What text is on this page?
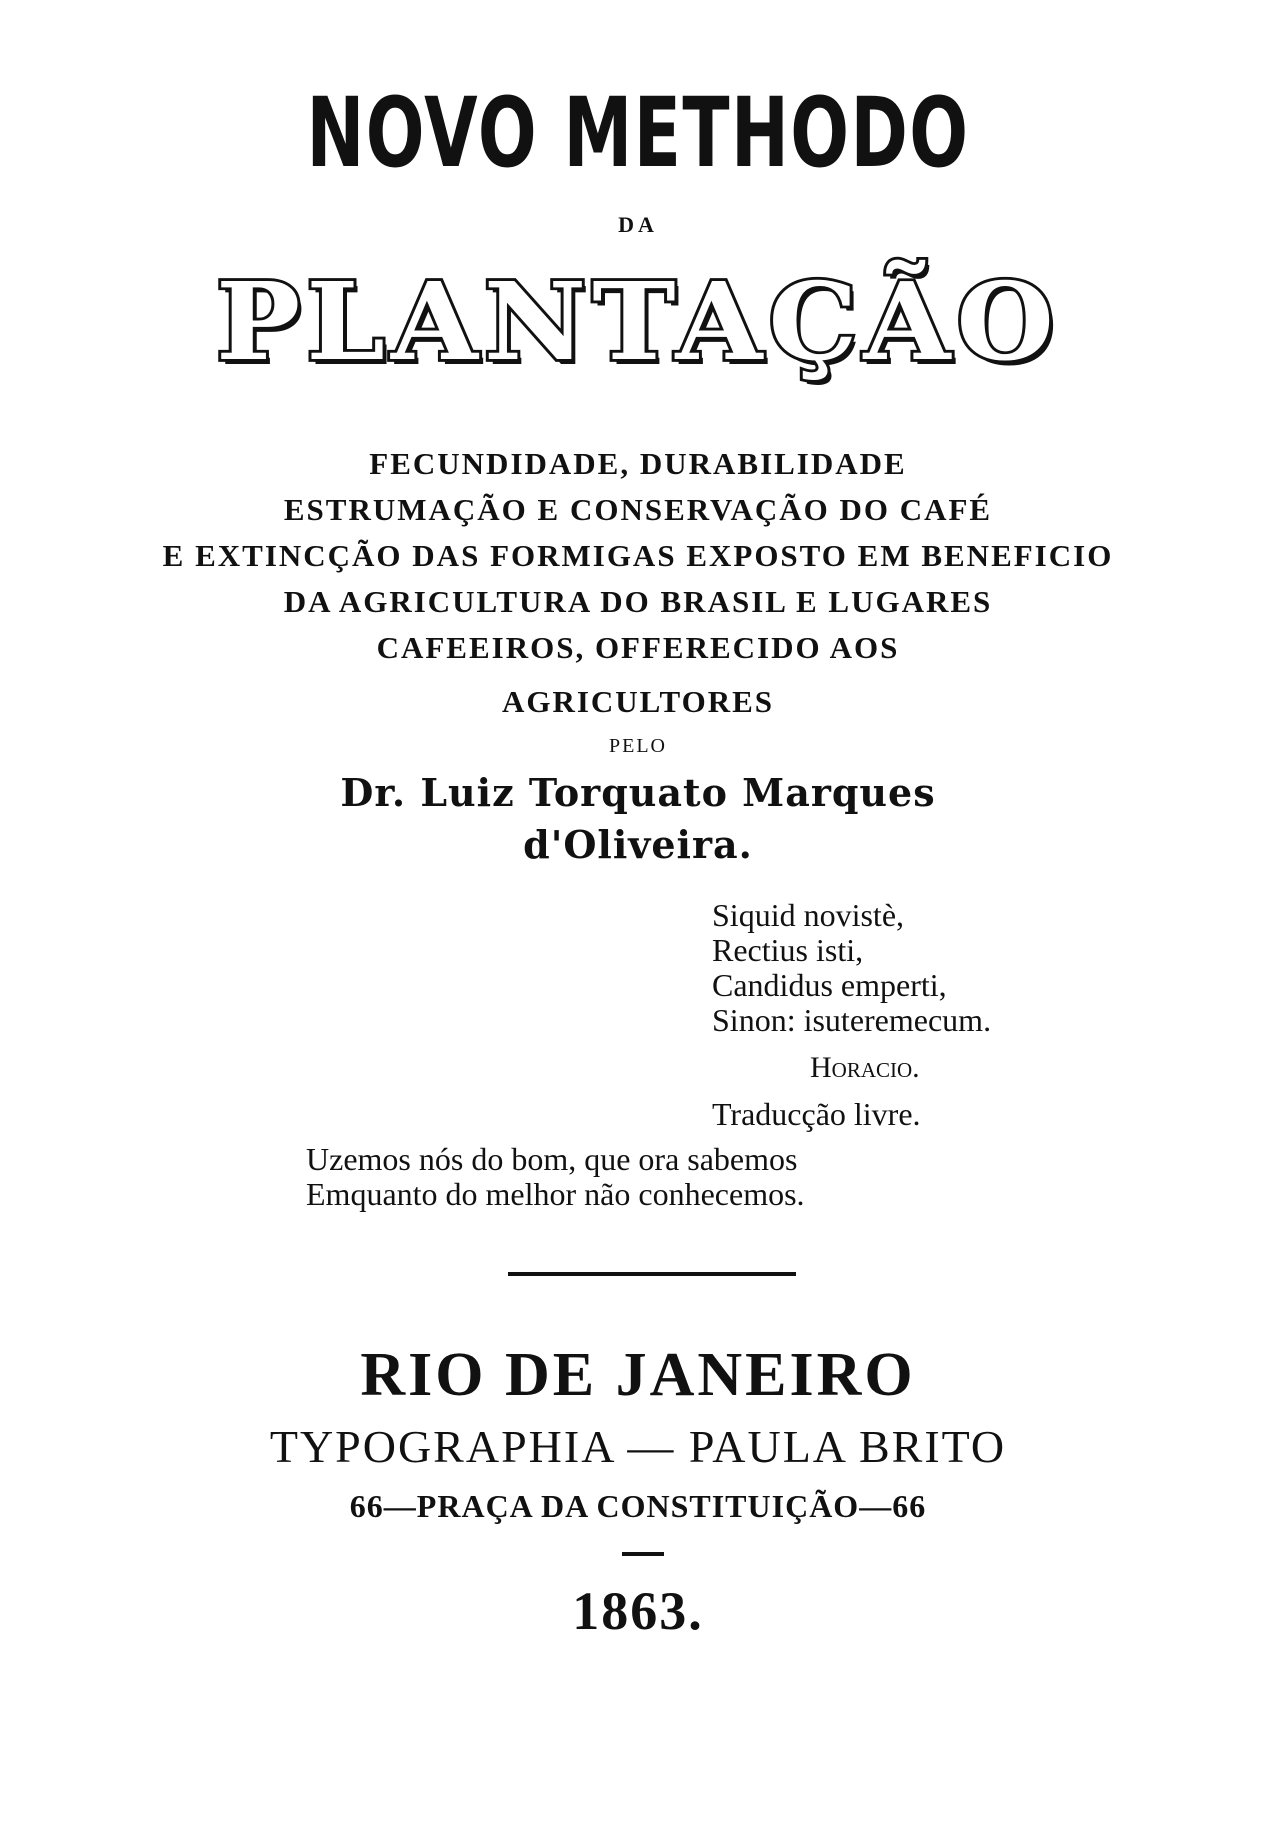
NOVO METHODO
DA
PLANTAÇÃO
FECUNDIDADE, DURABILIDADE
ESTRUMAÇÃO E CONSERVAÇÃO DO CAFÉ
E EXTINCÇÃO DAS FORMIGAS EXPOSTO EM BENEFICIO
DA AGRICULTURA DO BRASIL E LUGARES
CAFEEIROS, OFFERECIDO AOS
AGRICULTORES
PELO
Dr. Luiz Torquato Marques
d'Oliveira.
Siquid novistè,
Rectius isti,
Candidus emperti,
Sinon: isuteremecum.
Horacio.
Traducção livre.
Uzemos nós do bom, que ora sabemos
Emquanto do melhor não conhecemos.
RIO DE JANEIRO
TYPOGRAPHIA — PAULA BRITO
66—PRAÇA DA CONSTITUIÇÃO—66
1863.
